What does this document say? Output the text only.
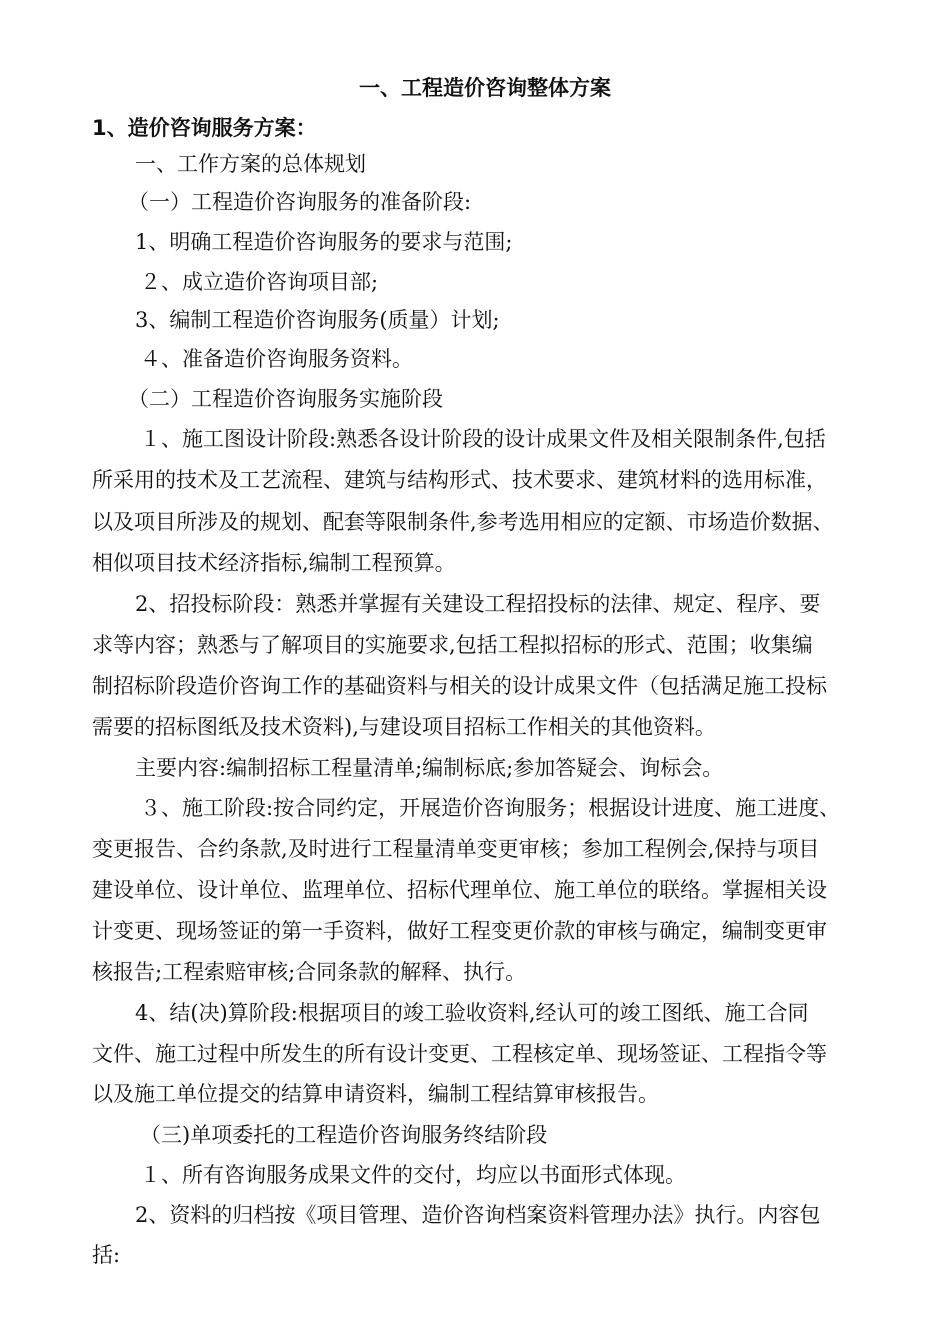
一、工程造价咨询整体方案
1、造价咨询服务方案：
一、工作方案的总体规划
（一）工程造价咨询服务的准备阶段:
1、明确工程造价咨询服务的要求与范围;
２、成立造价咨询项目部;
3、编制工程造价咨询服务(质量）计划;
４、准备造价咨询服务资料。
（二）工程造价咨询服务实施阶段
１、施工图设计阶段:熟悉各设计阶段的设计成果文件及相关限制条件,包括
所采用的技术及工艺流程、建筑与结构形式、技术要求、建筑材料的选用标准，
以及项目所涉及的规划、配套等限制条件,参考选用相应的定额、市场造价数据、
相似项目技术经济指标,编制工程预算。
2、招投标阶段：熟悉并掌握有关建设工程招投标的法律、规定、程序、要
求等内容；熟悉与了解项目的实施要求,包括工程拟招标的形式、范围；收集编
制招标阶段造价咨询工作的基础资料与相关的设计成果文件（包括满足施工投标
需要的招标图纸及技术资料),与建设项目招标工作相关的其他资料。
主要内容:编制招标工程量清单;编制标底;参加答疑会、询标会。
３、施工阶段:按合同约定，开展造价咨询服务；根据设计进度、施工进度、
变更报告、合约条款,及时进行工程量清单变更审核；参加工程例会,保持与项目
建设单位、设计单位、监理单位、招标代理单位、施工单位的联络。掌握相关设
计变更、现场签证的第一手资料，做好工程变更价款的审核与确定，编制变更审
核报告;工程索赔审核;合同条款的解释、执行。
4、结(决)算阶段:根据项目的竣工验收资料,经认可的竣工图纸、施工合同
文件、施工过程中所发生的所有设计变更、工程核定单、现场签证、工程指令等
以及施工单位提交的结算申请资料，编制工程结算审核报告。
（三)单项委托的工程造价咨询服务终结阶段
１、所有咨询服务成果文件的交付，均应以书面形式体现。
2、资料的归档按《项目管理、造价咨询档案资料管理办法》执行。内容包
括:
